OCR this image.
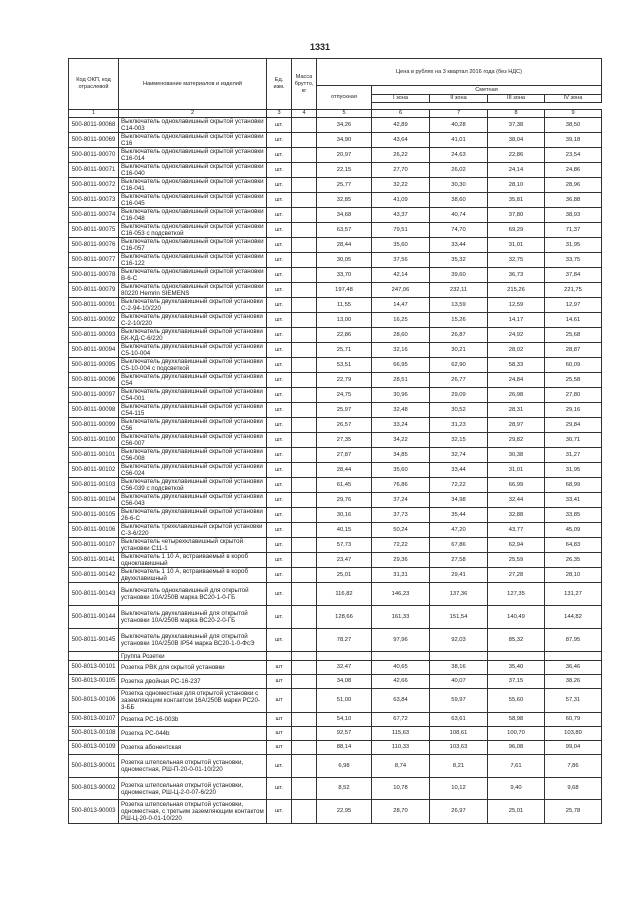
1331
Код ОКП, код отраслевой	Наименование материалов и изделий	Ед. изм.	Масса брутто, кг	Цена в рублях на 3 квартал 2016 года (без НДС)				
				отпускная	Сметная			
					I зона	II зона	III зона	IV зона

1	2	3	4	5	6	7	8	9
500-8011-90068	Выключатель одноклавишный скрытой установки С14-003	шт.		34,26	42,89	40,28	37,38	38,50
500-8011-90069	Выключатель одноклавишный скрытой установки С16	шт.		34,90	43,64	41,01	38,04	39,18
500-8011-90070	Выключатель одноклавишный скрытой установки С16-014	шт.		20,97	26,22	24,63	22,86	23,54
500-8011-90071	Выключатель одноклавишный скрытой установки С16-040	шт.		22,15	27,70	26,02	24,14	24,86
500-8011-90072	Выключатель одноклавишный скрытой установки С16-041	шт.		25,77	32,22	30,30	28,10	28,96
500-8011-90073	Выключатель одноклавишный скрытой установки С16-045	шт.		32,85	41,09	38,60	35,81	36,88
500-8011-90074	Выключатель одноклавишный скрытой установки С16-048	шт.		34,68	43,37	40,74	37,80	38,93
500-8011-90075	Выключатель одноклавишный скрытой установки С16-053 с подсветкой	шт.		63,57	79,51	74,70	69,29	71,37
500-8011-90076	Выключатель одноклавишный скрытой установки С16-057	шт.		28,44	35,60	33,44	31,01	31,95
500-8011-90077	Выключатель одноклавишный скрытой установки С16-122	шт.		30,05	37,56	35,32	32,75	33,75
500-8011-90078	Выключатель одноклавишный скрытой установки В-6-С	шт.		33,70	42,14	39,60	36,73	37,84
500-8011-90079	Выключатель одноклавишный скрытой установки 80220 Hemrin SIEMENS	шт.		197,48	247,06	232,11	215,26	221,75
500-8011-90091	Выключатель двухклавишный скрытой установки С-2-94-10/220	шт.		11,55	14,47	13,59	12,59	12,97
500-8011-90092	Выключатель двухклавишный скрытой установки С-2-10/220	шт.		13,00	16,25	15,26	14,17	14,61
500-8011-90093	Выключатель двухклавишный скрытой установки БК-КД-С-6/220	шт.		22,86	28,60	26,87	24,92	25,68
500-8011-90094	Выключатель двухклавишный скрытой установки С5-10-004	шт.		25,71	32,16	30,21	28,02	28,87
500-8011-90095	Выключатель двухклавишный скрытой установки С5-10-004 с подсветкой	шт.		53,51	66,95	62,90	58,33	60,09
500-8011-90096	Выключатель двухклавишный скрытой установки С54	шт.		22,79	28,51	26,77	24,84	25,58
500-8011-90097	Выключатель двухклавишный скрытой установки С54-001	шт.		24,75	30,96	29,09	26,98	27,80
500-8011-90098	Выключатель двухклавишный скрытой установки С54-115	шт.		25,97	32,48	30,52	28,31	29,16
500-8011-90099	Выключатель двухклавишный скрытой установки С56	шт.		26,57	33,24	31,23	28,97	29,84
500-8011-90100	Выключатель двухклавишный скрытой установки С56-007	шт.		27,35	34,22	32,15	29,82	30,71
500-8011-90101	Выключатель двухклавишный скрытой установки С56-008	шт.		27,87	34,85	32,74	30,38	31,27
500-8011-90102	Выключатель двухклавишный скрытой установки С56-024	шт.		28,44	35,60	33,44	31,01	31,95
500-8011-90103	Выключатель двухклавишный скрытой установки С56-039 с подсветкой	шт.		61,45	76,86	72,22	66,99	68,99
500-8011-90104	Выключатель двухклавишный скрытой установки С56-043	шт.		29,76	37,24	34,98	32,44	33,41
500-8011-90105	Выключатель двухклавишный скрытой установки 26-6-С	шт.		30,16	37,73	35,44	32,88	33,85
500-8011-90106	Выключатель трехклавишный скрытой установки С-3-6/220	шт.		40,15	50,24	47,20	43,77	45,09
500-8011-90107	Выключатель четырехклавишный скрытой установки С11-1	шт.		57,73	72,22	67,86	62,94	64,83
500-8011-90141	Выключатель 1 10 А, встраиваемый в короб одноклавишный	шт.		23,47	29,36	27,58	25,59	26,35
500-8011-90142	Выключатель 1 10 А, встраиваемый в короб двухклавишный	шт.		25,01	31,31	29,41	27,28	28,10
500-8011-90143	Выключатель одноклавишный для открытой установки 10А/250В марка ВС20-1-0-ГБ	шт.		116,82	146,23	137,36	127,35	131,27
500-8011-90144	Выключатель двухклавишный для открытой установки 10А/250В марка ВС20-2-0-ГБ	шт.		128,66	161,33	151,54	140,49	144,82
500-8011-90145	Выключатель двухклавишный для открытой установки 10А/250В IP54 марка ВС20-1-0-ФсЭ	шт.		78,27	97,96	92,03	85,32	87,95
	Группа Розетки							
500-8013-00101	Розетка РВК для скрытой установки	шт		32,47	40,65	38,16	35,40	36,46
500-8013-00105	Розетка двойная РС-16-237	шт		34,08	42,66	40,07	37,15	38,26
500-8013-00106	Розетка одноместная для открытой установки с заземляющим контактом 16А/250В марки РС20-3-ББ	шт		51,00	63,84	59,97	55,60	57,31
500-8013-00107	Розетка РС-16-003b	шт		54,10	67,72	63,61	58,98	60,79
500-8013-00108	Розетка РС-044b	шт		92,57	115,63	108,61	100,70	103,80
500-8013-00109	Розетка абонентская	шт		88,14	110,33	103,63	96,08	99,04
500-8013-90001	Розетка штепсельная открытой установки, одноместная, РШ-П-20-0-01-10/220	шт.		6,98	8,74	8,21	7,61	7,86
500-8013-90002	Розетка штепсельная открытой установки, одноместная, РШ-Ц-2-0-07-6/220	шт.		8,52	10,78	10,12	9,40	9,68
500-8013-90003	Розетка штепсельная открытой установки, одноместная, с третьим заземляющим контактом РШ-Ц-20-0-01-10/220	шт.		22,95	28,70	26,97	25,01	25,78
